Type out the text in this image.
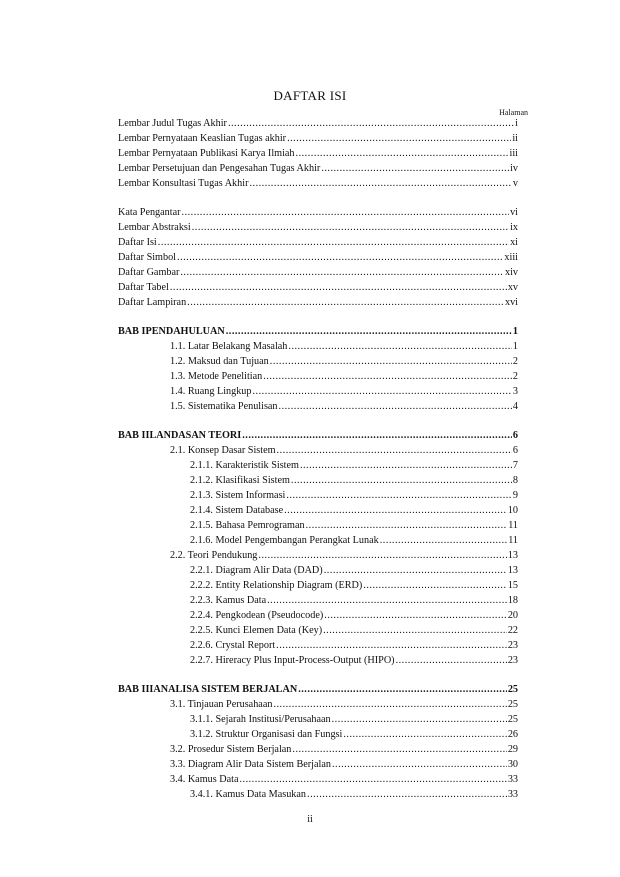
DAFTAR ISI
Halaman
Lembar Judul Tugas Akhir .....	i
Lembar Pernyataan Keaslian Tugas akhir .....	ii
Lembar Pernyataan Publikasi Karya Ilmiah .....	iii
Lembar Persetujuan dan Pengesahan Tugas Akhir .....	iv
Lembar Konsultasi Tugas Akhir .....	v
Kata Pengantar .....	vi
Lembar Abstraksi .....	ix
Daftar Isi .....	xi
Daftar Simbol .....	xiii
Daftar Gambar .....	xiv
Daftar Tabel .....	xv
Daftar Lampiran .....	xvi
BAB I PENDAHULUAN .....	1
1.1. Latar Belakang Masalah .....	1
1.2. Maksud dan Tujuan .....	2
1.3. Metode Penelitian .....	2
1.4. Ruang Lingkup .....	3
1.5. Sistematika Penulisan .....	4
BAB II LANDASAN TEORI .....	6
2.1. Konsep Dasar Sistem .....	6
2.1.1. Karakteristik Sistem .....	7
2.1.2. Klasifikasi Sistem .....	8
2.1.3. Sistem Informasi .....	9
2.1.4. Sistem Database .....	10
2.1.5. Bahasa Pemrograman .....	11
2.1.6. Model Pengembangan Perangkat Lunak .....	11
2.2. Teori Pendukung .....	13
2.2.1. Diagram Alir Data (DAD) .....	13
2.2.2. Entity Relationship Diagram (ERD) .....	15
2.2.3. Kamus Data .....	18
2.2.4. Pengkodean (Pseudocode) .....	20
2.2.5. Kunci Elemen Data (Key) .....	22
2.2.6. Crystal Report .....	23
2.2.7. Hireracy Plus Input-Process-Output (HIPO) .....	23
BAB III ANALISA SISTEM BERJALAN .....	25
3.1. Tinjauan Perusahaan .....	25
3.1.1. Sejarah Institusi/Perusahaan .....	25
3.1.2. Struktur Organisasi dan Fungsi .....	26
3.2. Prosedur Sistem Berjalan .....	29
3.3. Diagram Alir Data Sistem Berjalan .....	30
3.4. Kamus Data .....	33
3.4.1. Kamus Data Masukan .....	33
ii
